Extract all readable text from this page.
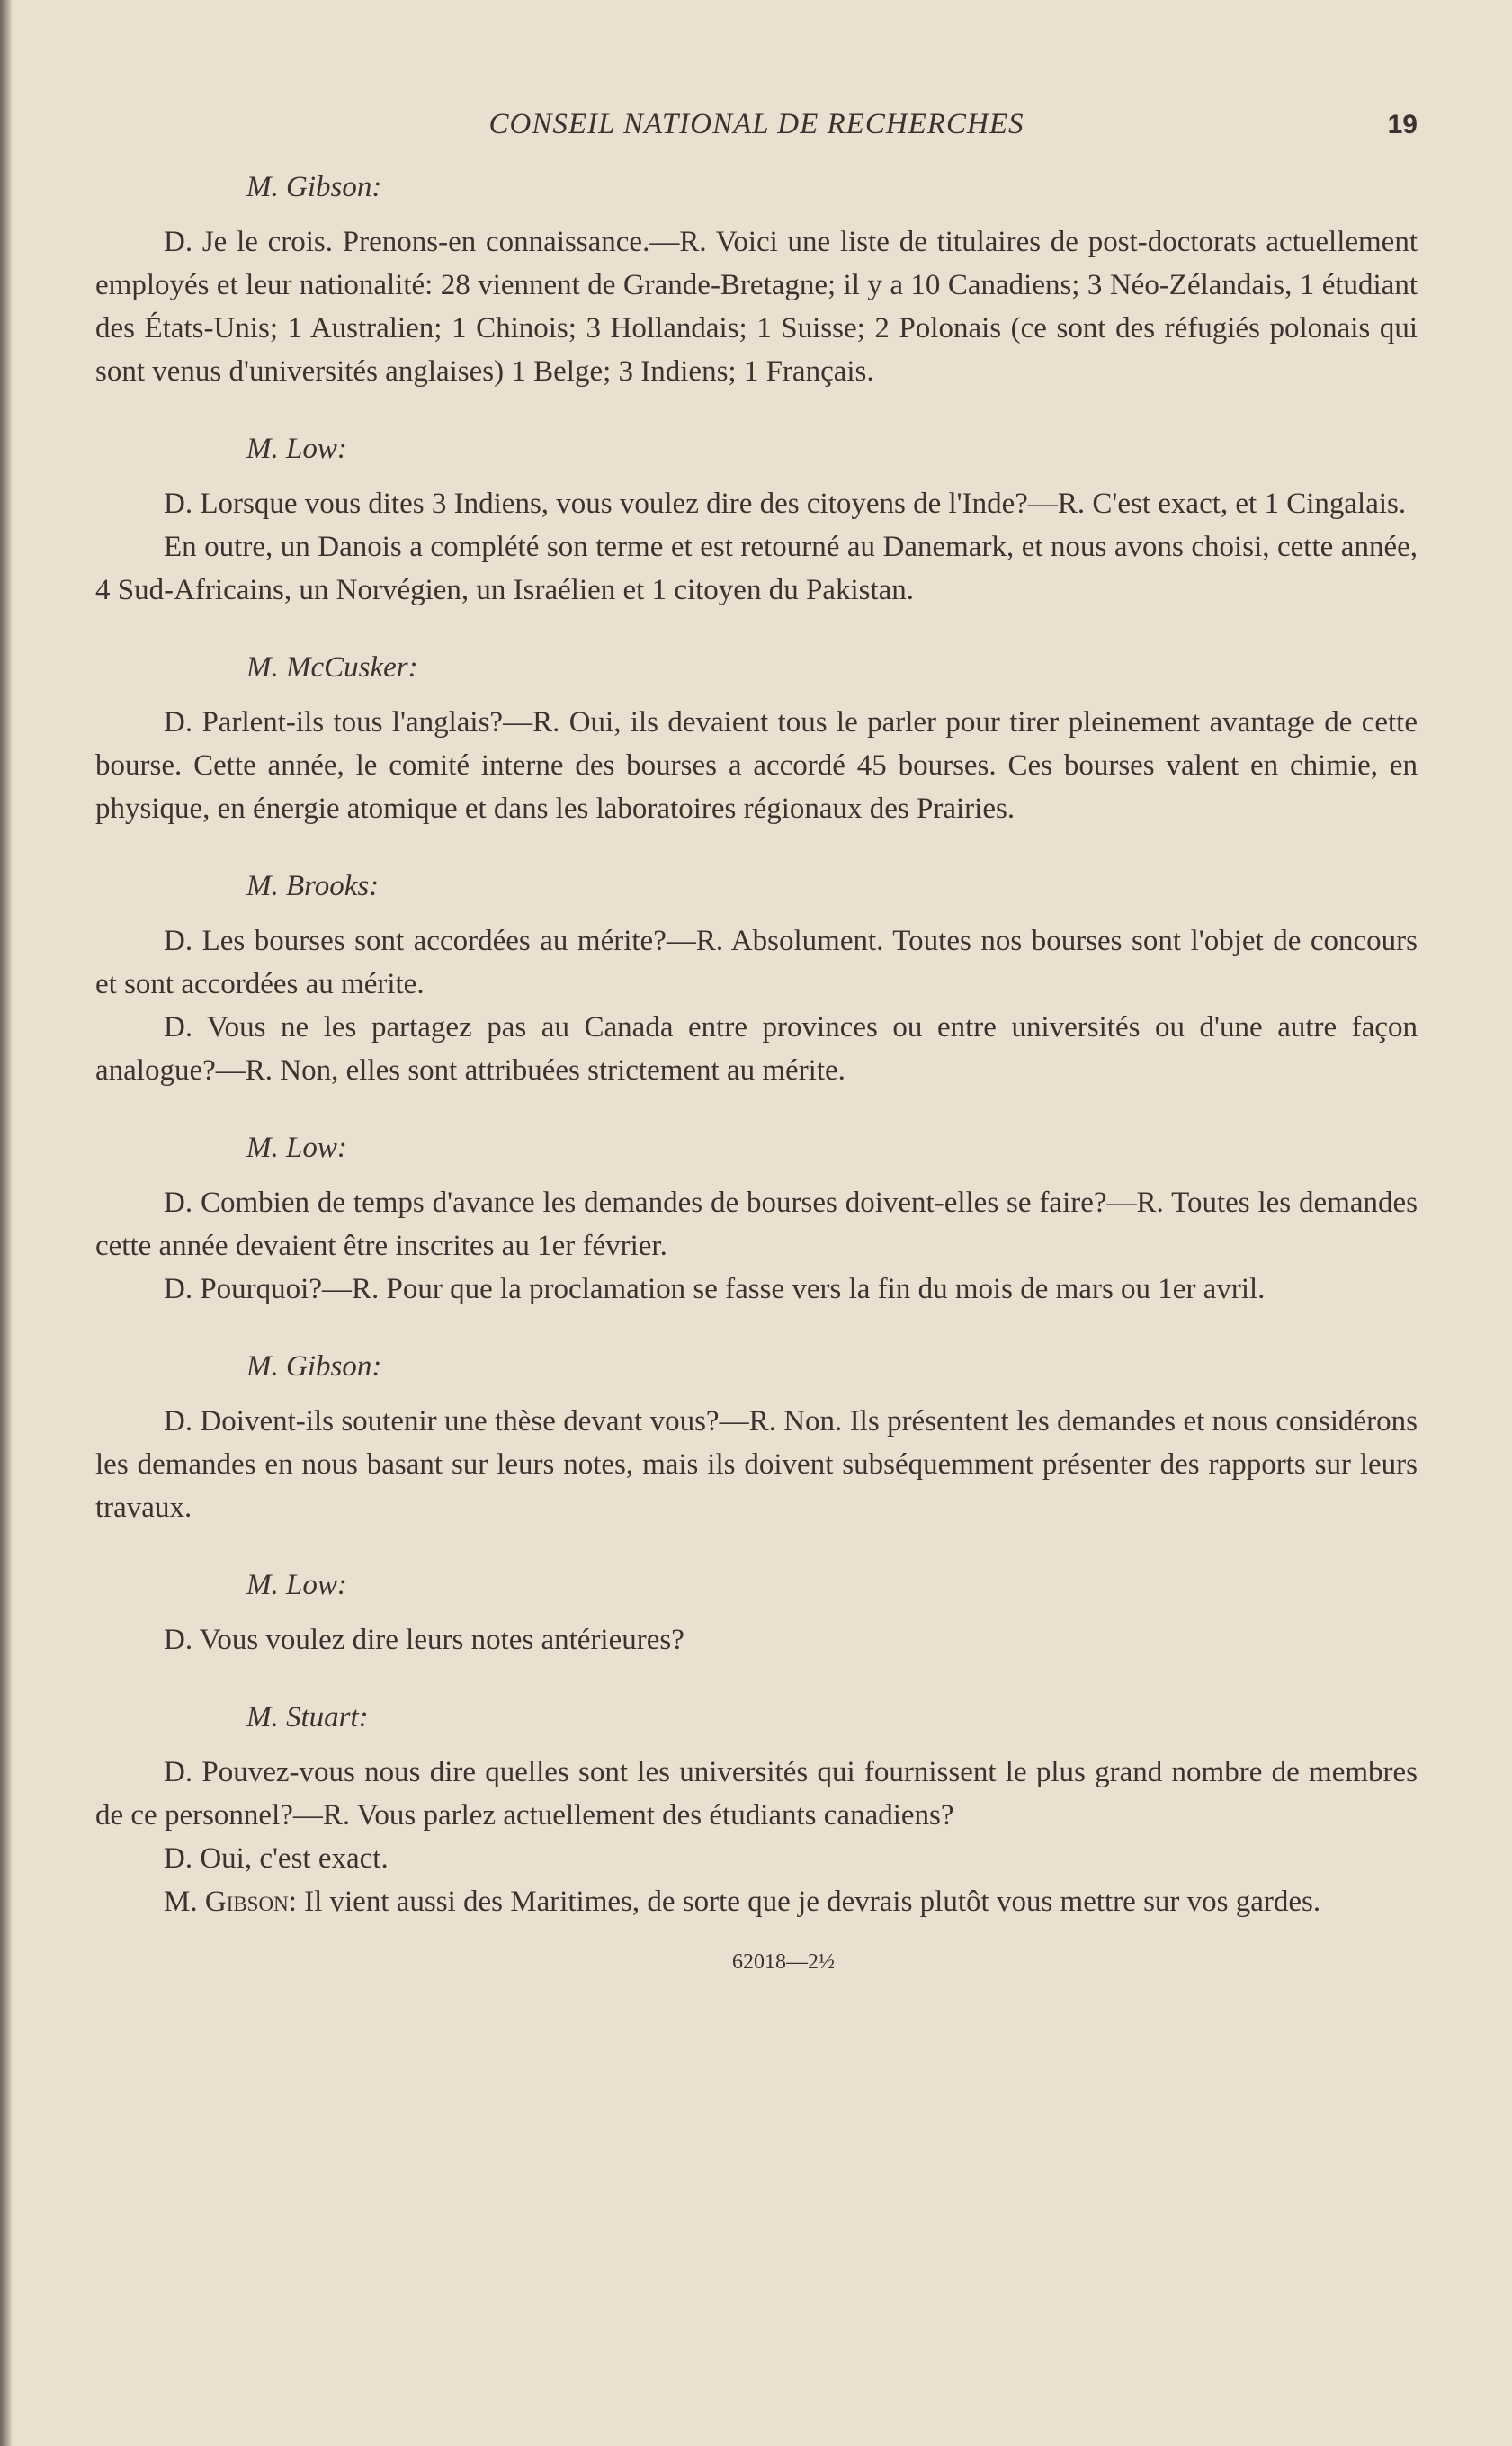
CONSEIL NATIONAL DE RECHERCHES	19
M. Gibson:

D. Je le crois. Prenons-en connaissance.—R. Voici une liste de titulaires de post-doctorats actuellement employés et leur nationalité: 28 viennent de Grande-Bretagne; il y a 10 Canadiens; 3 Néo-Zélandais, 1 étudiant des États-Unis; 1 Australien; 1 Chinois; 3 Hollandais; 1 Suisse; 2 Polonais (ce sont des réfugiés polonais qui sont venus d'universités anglaises) 1 Belge; 3 Indiens; 1 Français.

M. Low:

D. Lorsque vous dites 3 Indiens, vous voulez dire des citoyens de l'Inde?—R. C'est exact, et 1 Cingalais.

En outre, un Danois a complété son terme et est retourné au Danemark, et nous avons choisi, cette année, 4 Sud-Africains, un Norvégien, un Israélien et 1 citoyen du Pakistan.

M. McCusker:

D. Parlent-ils tous l'anglais?—R. Oui, ils devaient tous le parler pour tirer pleinement avantage de cette bourse. Cette année, le comité interne des bourses a accordé 45 bourses. Ces bourses valent en chimie, en physique, en énergie atomique et dans les laboratoires régionaux des Prairies.

M. Brooks:

D. Les bourses sont accordées au mérite?—R. Absolument. Toutes nos bourses sont l'objet de concours et sont accordées au mérite.

D. Vous ne les partagez pas au Canada entre provinces ou entre universités ou d'une autre façon analogue?—R. Non, elles sont attribuées strictement au mérite.

M. Low:

D. Combien de temps d'avance les demandes de bourses doivent-elles se faire?—R. Toutes les demandes cette année devaient être inscrites au 1er février.

D. Pourquoi?—R. Pour que la proclamation se fasse vers la fin du mois de mars ou 1er avril.

M. Gibson:

D. Doivent-ils soutenir une thèse devant vous?—R. Non. Ils présentent les demandes et nous considérons les demandes en nous basant sur leurs notes, mais ils doivent subséquemment présenter des rapports sur leurs travaux.

M. Low:

D. Vous voulez dire leurs notes antérieures?

M. Stuart:

D. Pouvez-vous nous dire quelles sont les universités qui fournissent le plus grand nombre de membres de ce personnel?—R. Vous parlez actuellement des étudiants canadiens?

D. Oui, c'est exact.

M. Gibson: Il vient aussi des Maritimes, de sorte que je devrais plutôt vous mettre sur vos gardes.

62018—2½
